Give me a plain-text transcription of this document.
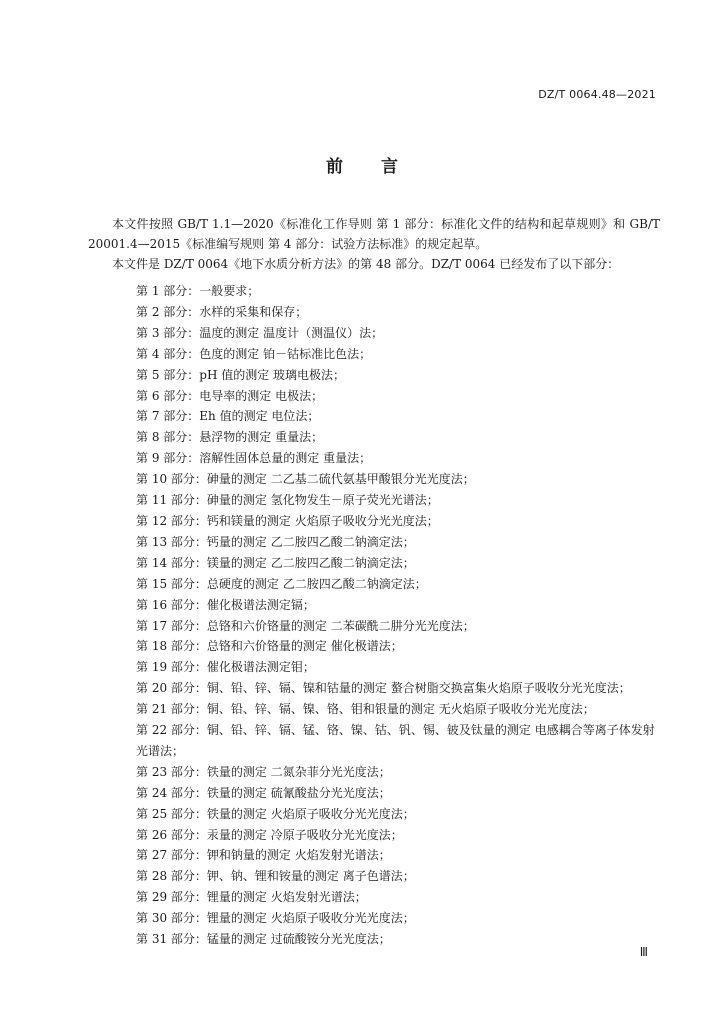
DZ/T 0064.48—2021
前言

本文件按照 GB/T 1.1—2020《标准化工作导则 第 1 部分：标准化文件的结构和起草规则》和 GB/T 20001.4—2015《标准编写规则 第 4 部分：试验方法标准》的规定起草。

本文件是 DZ/T 0064《地下水质分析方法》的第 48 部分。DZ/T 0064 已经发布了以下部分：

第 1 部分：一般要求；
第 2 部分：水样的采集和保存；
第 3 部分：温度的测定 温度计（测温仪）法；
第 4 部分：色度的测定 铂－钴标准比色法；
第 5 部分：pH 值的测定 玻璃电极法；
第 6 部分：电导率的测定 电极法；
第 7 部分：Eh 值的测定 电位法；
第 8 部分：悬浮物的测定 重量法；
第 9 部分：溶解性固体总量的测定 重量法；
第 10 部分：砷量的测定 二乙基二硫代氨基甲酸银分光光度法；
第 11 部分：砷量的测定 氢化物发生－原子荧光光谱法；
第 12 部分：钙和镁量的测定 火焰原子吸收分光光度法；
第 13 部分：钙量的测定 乙二胺四乙酸二钠滴定法；
第 14 部分：镁量的测定 乙二胺四乙酸二钠滴定法；
第 15 部分：总硬度的测定 乙二胺四乙酸二钠滴定法；
第 16 部分：催化极谱法测定镉；
第 17 部分：总铬和六价铬量的测定 二苯碳酰二肼分光光度法；
第 18 部分：总铬和六价铬量的测定 催化极谱法；
第 19 部分：催化极谱法测定钼；
第 20 部分：铜、铅、锌、镉、镍和钴量的测定 螯合树脂交换富集火焰原子吸收分光光度法；
第 21 部分：铜、铅、锌、镉、镍、铬、钼和银量的测定 无火焰原子吸收分光光度法；
第 22 部分：铜、铅、锌、镉、锰、铬、镍、钴、钒、锡、铍及钛量的测定 电感耦合等离子体发射光谱法；
第 23 部分：铁量的测定 二氮杂菲分光光度法；
第 24 部分：铁量的测定 硫氰酸盐分光光度法；
第 25 部分：铁量的测定 火焰原子吸收分光光度法；
第 26 部分：汞量的测定 冷原子吸收分光光度法；
第 27 部分：钾和钠量的测定 火焰发射光谱法；
第 28 部分：钾、钠、锂和铵量的测定 离子色谱法；
第 29 部分：锂量的测定 火焰发射光谱法；
第 30 部分：锂量的测定 火焰原子吸收分光光度法；
第 31 部分：锰量的测定 过硫酸铵分光光度法；
Ⅲ
